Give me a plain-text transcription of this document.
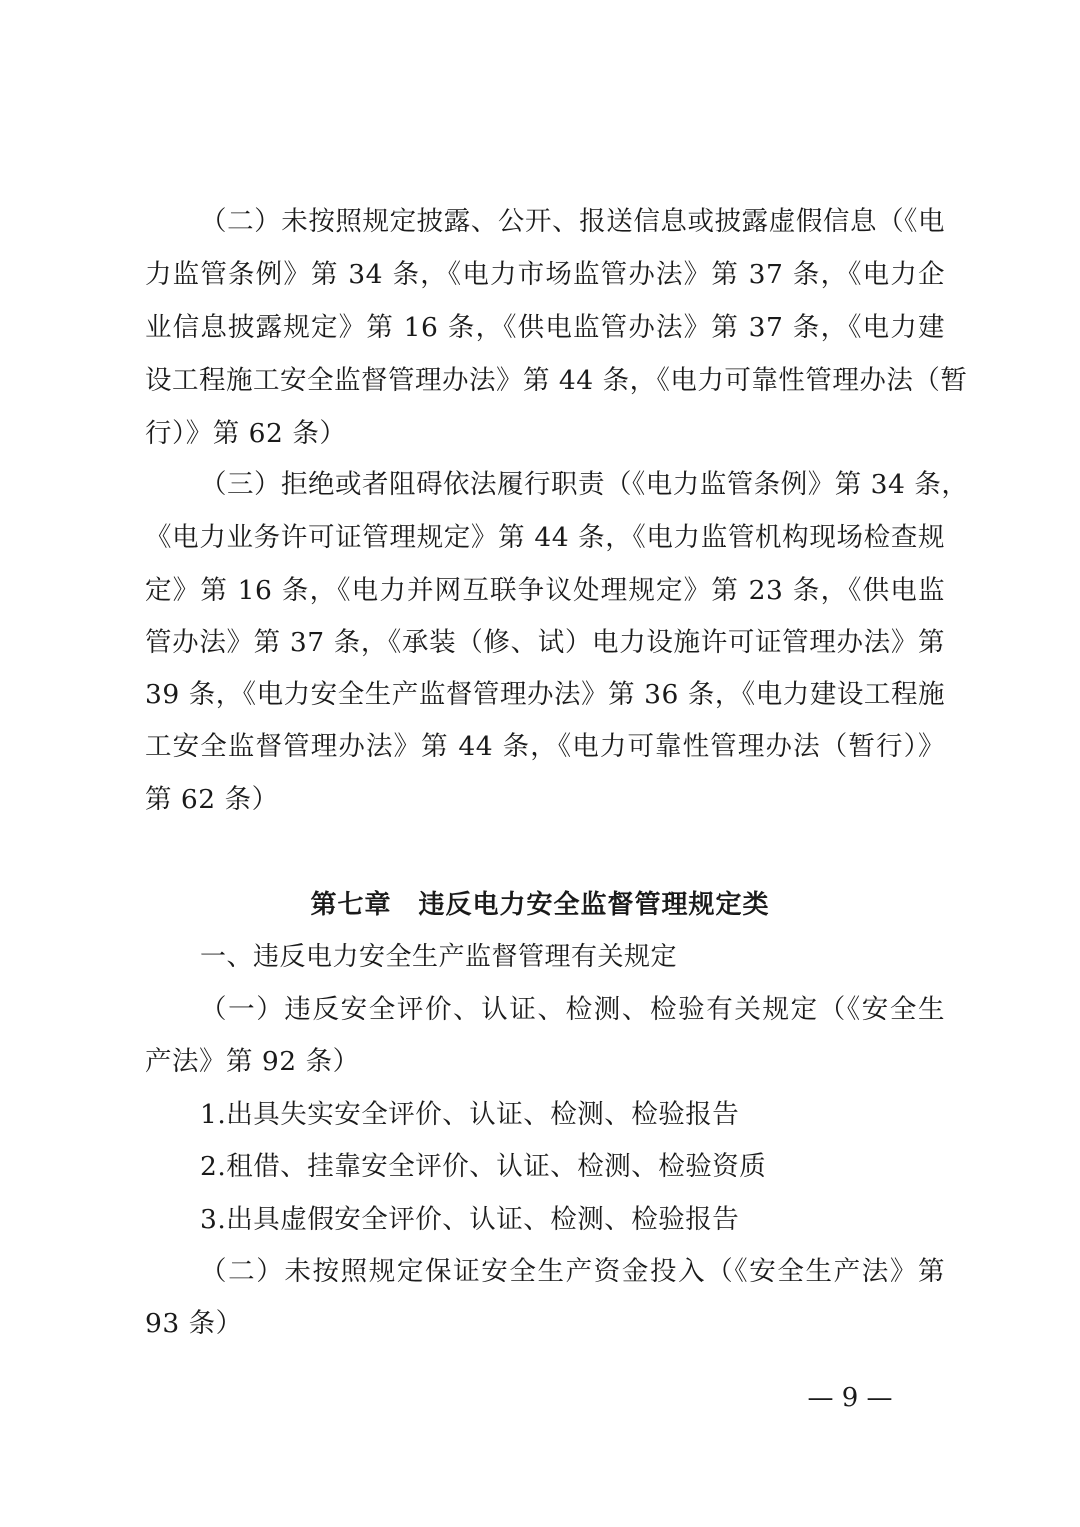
（二）未按照规定披露、公开、报送信息或披露虚假信息（《电
力监管条例》第 34 条，《电力市场监管办法》第 37 条，《电力企
业信息披露规定》第 16 条，《供电监管办法》第 37 条，《电力建
设工程施工安全监督管理办法》第 44 条，《电力可靠性管理办法（暂
行）》第 62 条）
（三）拒绝或者阻碍依法履行职责（《电力监管条例》第 34 条，
《电力业务许可证管理规定》第 44 条，《电力监管机构现场检查规
定》第 16 条，《电力并网互联争议处理规定》第 23 条，《供电监
管办法》第 37 条，《承装（修、试）电力设施许可证管理办法》第
39 条，《电力安全生产监督管理办法》第 36 条，《电力建设工程施
工安全监督管理办法》第 44 条，《电力可靠性管理办法（暂行）》
第 62 条）
第七章　违反电力安全监督管理规定类
一、违反电力安全生产监督管理有关规定
（一）违反安全评价、认证、检测、检验有关规定（《安全生
产法》第 92 条）
1.出具失实安全评价、认证、检测、检验报告
2.租借、挂靠安全评价、认证、检测、检验资质
3.出具虚假安全评价、认证、检测、检验报告
（二）未按照规定保证安全生产资金投入（《安全生产法》第
93 条）
— 9 —
